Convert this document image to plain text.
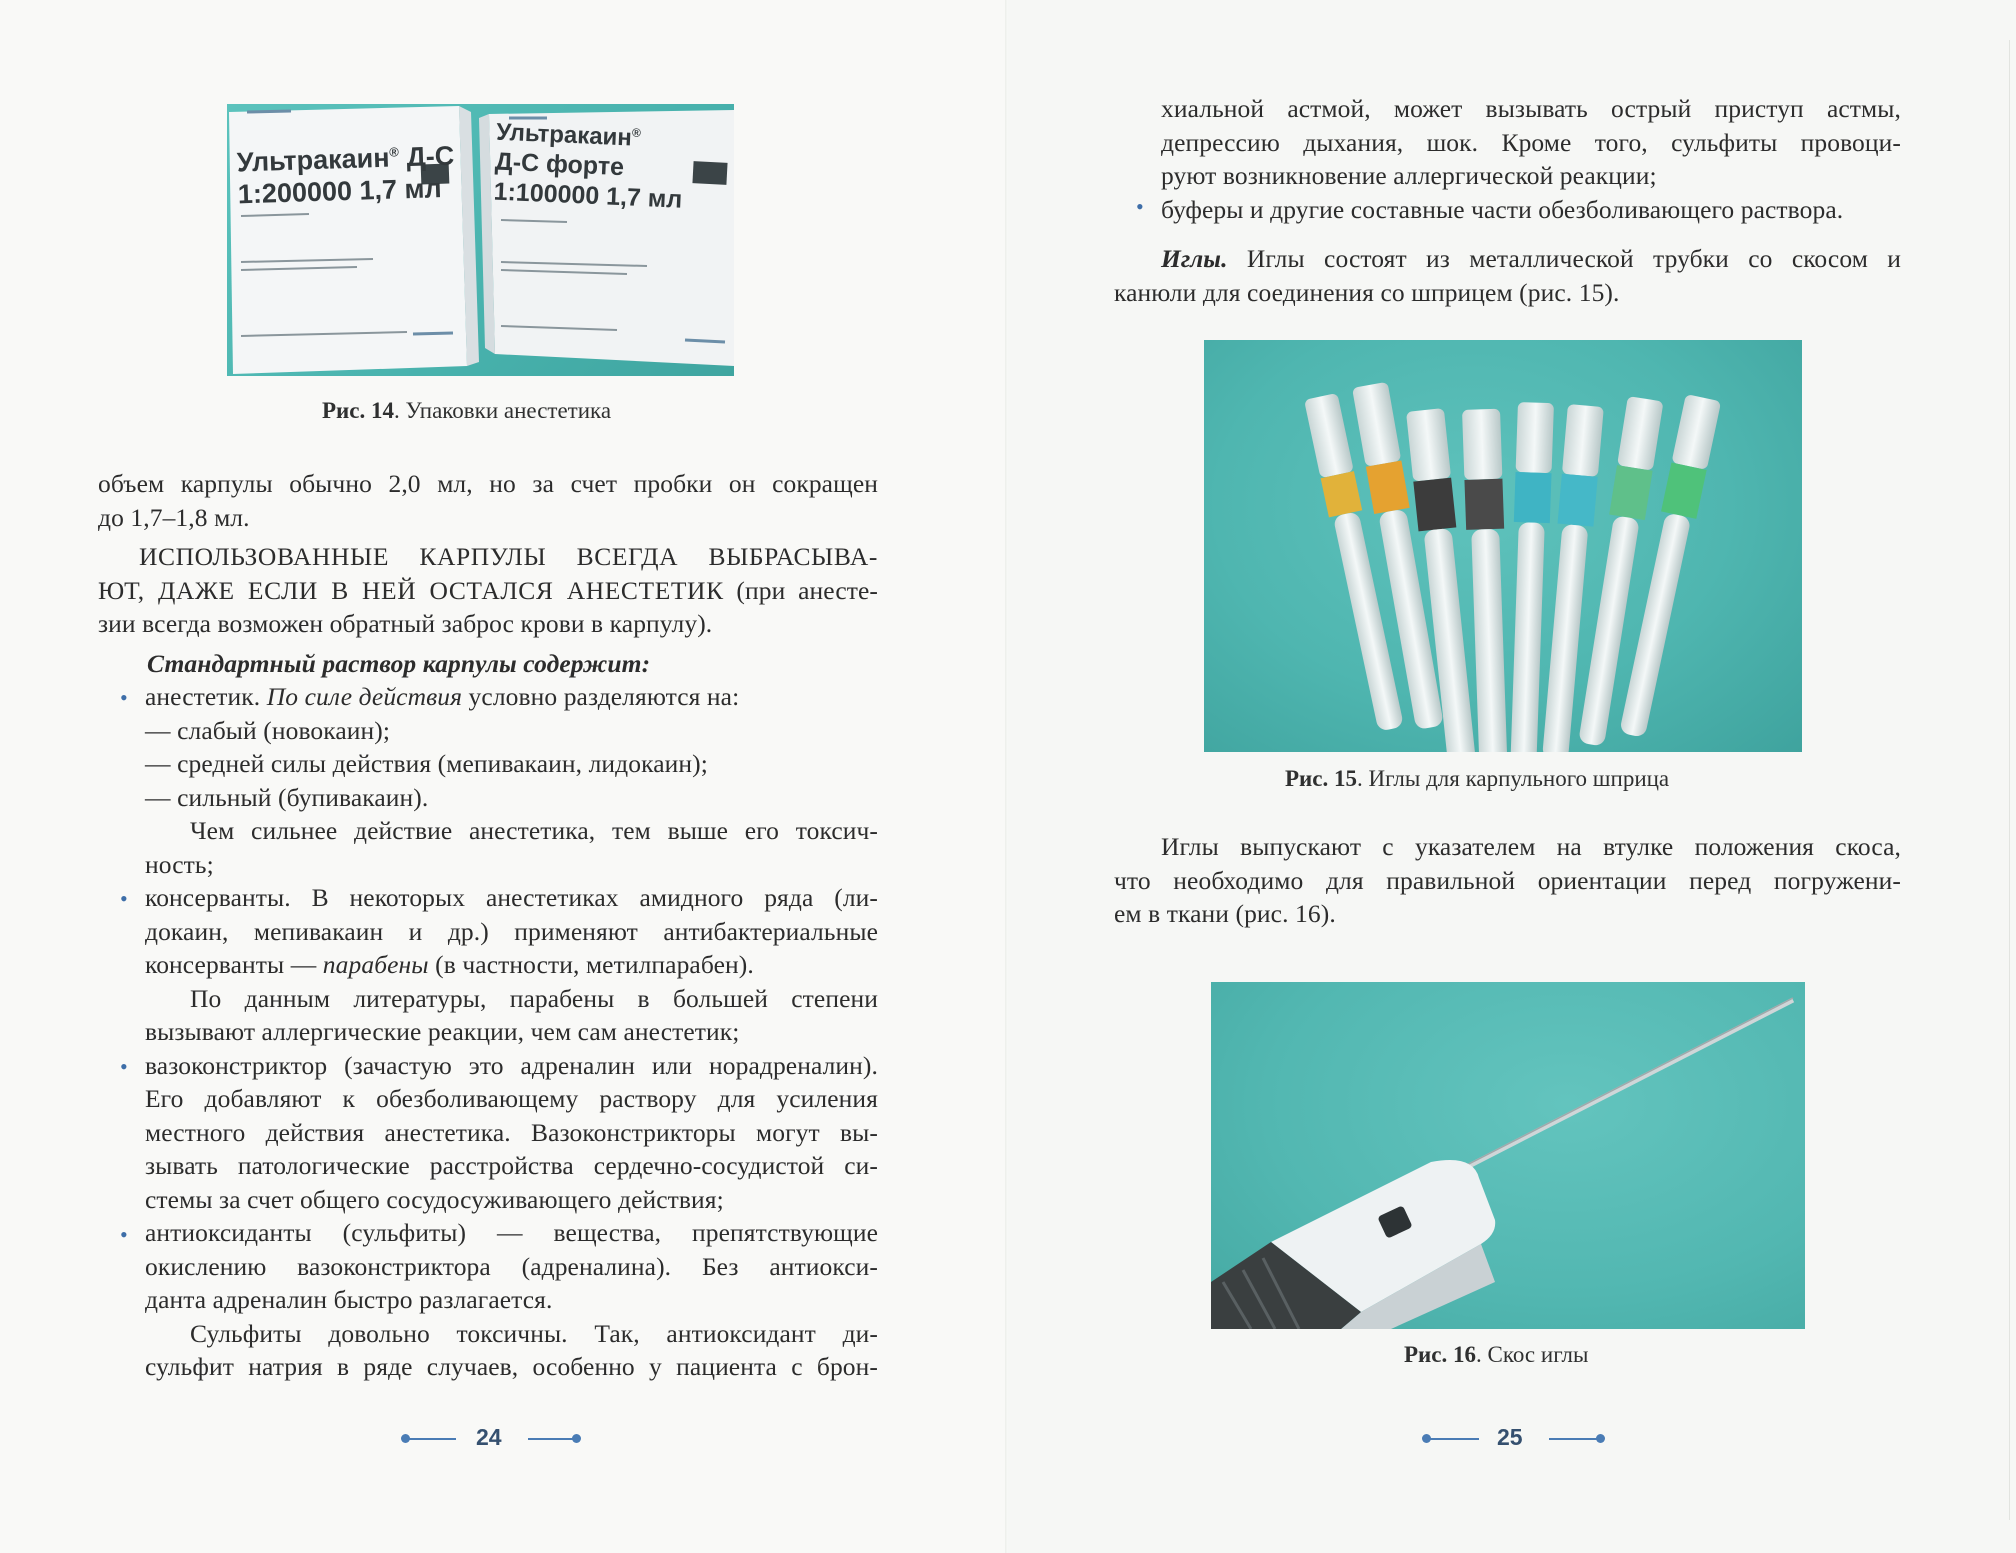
Ультракаин® Д-С
1:200000 1,7 мл
Ультракаин®
Д-С форте
1:100000 1,7 мл
Рис. 14. Упаковки анестетика
объем карпулы обычно 2,0 мл, но за счет пробки он сокращен
до 1,7–1,8 мл.
ИСПОЛЬЗОВАННЫЕ КАРПУЛЫ ВСЕГДА ВЫБРАСЫВА-
ЮТ, ДАЖЕ ЕСЛИ В НЕЙ ОСТАЛСЯ АНЕСТЕТИК (при анесте-
зии всегда возможен обратный заброс крови в карпулу).
Стандартный раствор карпулы содержит:
анестетик. По силе действия условно разделяются на:
— слабый (новокаин);
— средней силы действия (мепивакаин, лидокаин);
— сильный (бупивакаин).
Чем сильнее действие анестетика, тем выше его токсич-
ность;
консерванты. В некоторых анестетиках амидного ряда (ли-
докаин, мепивакаин и др.) применяют антибактериальные
консерванты — парабены (в частности, метилпарабен).
По данным литературы, парабены в большей степени
вызывают аллергические реакции, чем сам анестетик;
вазоконстриктор (зачастую это адреналин или норадреналин).
Его добавляют к обезболивающему раствору для усиления
местного действия анестетика. Вазоконстрикторы могут вы-
зывать патологические расстройства сердечно-сосудистой си-
стемы за счет общего сосудосуживающего действия;
антиоксиданты (сульфиты) — вещества, препятствующие
окислению вазоконстриктора (адреналина). Без антиокси-
данта адреналин быстро разлагается.
Сульфиты довольно токсичны. Так, антиоксидант ди-
сульфит натрия в ряде случаев, особенно у пациента с брон-
•
•
•
•
24
хиальной астмой, может вызывать острый приступ астмы,
депрессию дыхания, шок. Кроме того, сульфиты провоци-
руют возникновение аллергической реакции;
буферы и другие составные части обезболивающего раствора.
•
Иглы. Иглы состоят из металлической трубки со скосом и
канюли для соединения со шприцем (рис. 15).
Рис. 15. Иглы для карпульного шприца
Иглы выпускают с указателем на втулке положения скоса,
что необходимо для правильной ориентации перед погружени-
ем в ткани (рис. 16).
Рис. 16. Скос иглы
25
